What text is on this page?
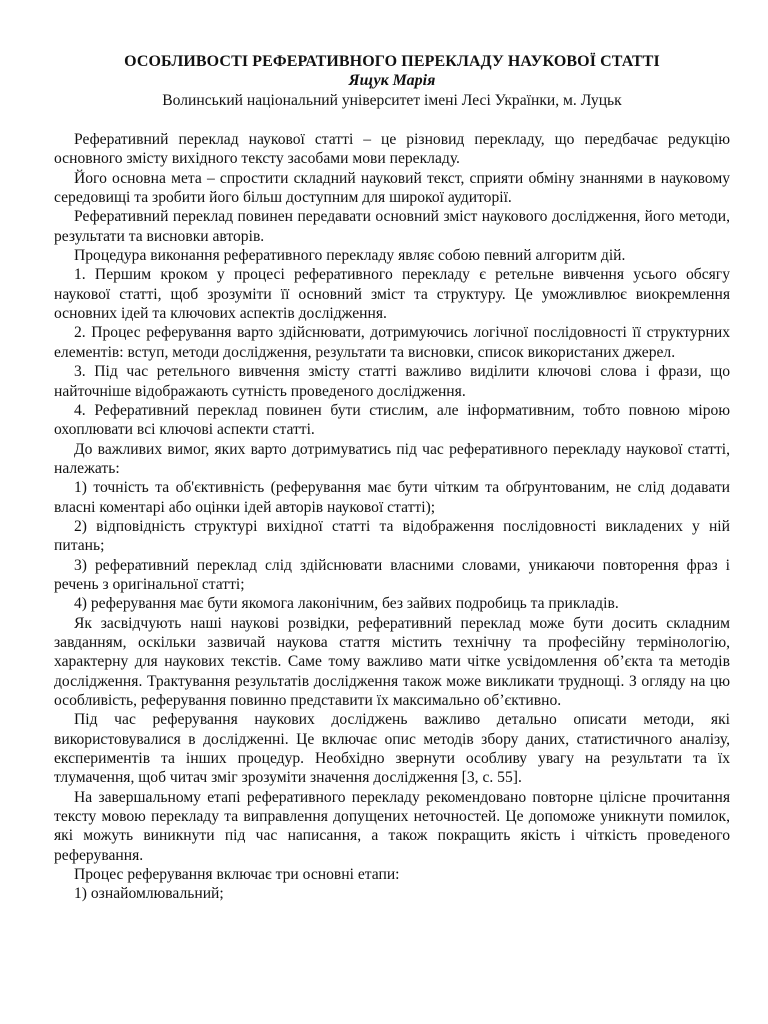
ОСОБЛИВОСТІ РЕФЕРАТИВНОГО ПЕРЕКЛАДУ НАУКОВОЇ СТАТТІ
Ящук Марія
Волинський національний університет імені Лесі Українки, м. Луцьк

Реферативний переклад наукової статті – це різновид перекладу, що передбачає редукцію основного змісту вихідного тексту засобами мови перекладу.

Його основна мета – спростити складний науковий текст, сприяти обміну знаннями в науковому середовищі та зробити його більш доступним для широкої аудиторії.

Реферативний переклад повинен передавати основний зміст наукового дослідження, його методи, результати та висновки авторів.

Процедура виконання реферативного перекладу являє собою певний алгоритм дій.

1. Першим кроком у процесі реферативного перекладу є ретельне вивчення усього обсягу наукової статті, щоб зрозуміти її основний зміст та структуру. Це уможливлює виокремлення основних ідей та ключових аспектів дослідження.

2. Процес реферування варто здійснювати, дотримуючись логічної послідовності її структурних елементів: вступ, методи дослідження, результати та висновки, список використаних джерел.

3. Під час ретельного вивчення змісту статті важливо виділити ключові слова і фрази, що найточніше відображають сутність проведеного дослідження.

4. Реферативний переклад повинен бути стислим, але інформативним, тобто повною мірою охоплювати всі ключові аспекти статті.

До важливих вимог, яких варто дотримуватись під час реферативного перекладу наукової статті, належать:

1) точність та об'єктивність (реферування має бути чітким та обґрунтованим, не слід додавати власні коментарі або оцінки ідей авторів наукової статті);

2) відповідність структурі вихідної статті та відображення послідовності викладених у ній питань;

3) реферативний переклад слід здійснювати власними словами, уникаючи повторення фраз і речень з оригінальної статті;

4) реферування має бути якомога лаконічним, без зайвих подробиць та прикладів.

Як засвідчують наші наукові розвідки, реферативний переклад може бути досить складним завданням, оскільки зазвичай наукова стаття містить технічну та професійну термінологію, характерну для наукових текстів. Саме тому важливо мати чітке усвідомлення об’єкта та методів дослідження. Трактування результатів дослідження також може викликати труднощі. З огляду на цю особливість, реферування повинно представити їх максимально об’єктивно.

Під час реферування наукових досліджень важливо детально описати методи, які використовувалися в дослідженні. Це включає опис методів збору даних, статистичного аналізу, експериментів та інших процедур. Необхідно звернути особливу увагу на результати та їх тлумачення, щоб читач зміг зрозуміти значення дослідження [3, с. 55].

На завершальному етапі реферативного перекладу рекомендовано повторне цілісне прочитання тексту мовою перекладу та виправлення допущених неточностей. Це допоможе уникнути помилок, які можуть виникнути під час написання, а також покращить якість і чіткість проведеного реферування.

Процес реферування включає три основні етапи:

1) ознайомлювальний;
